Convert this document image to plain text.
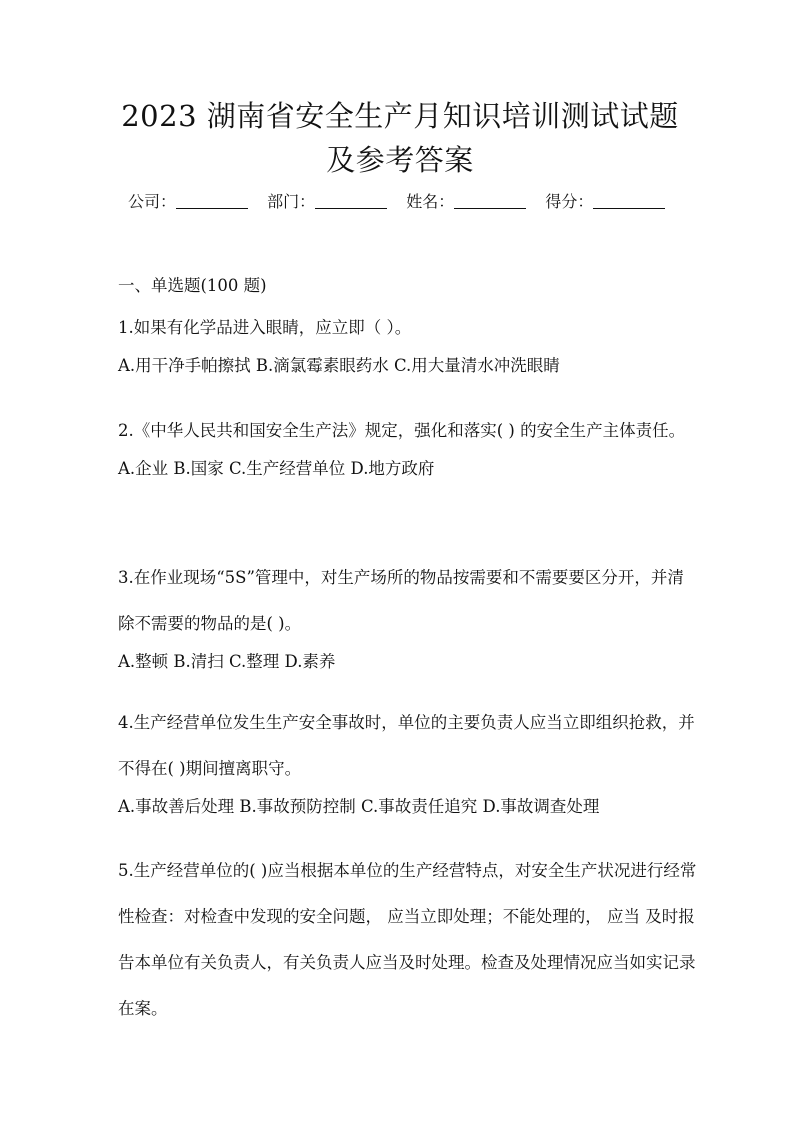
2023 湖南省安全生产月知识培训测试试题
及参考答案
公司：	部门：	姓名：	得分：
一、单选题(100 题)

1.如果有化学品进入眼睛，应立即（ ）。

A.用干净手帕擦拭 B.滴氯霉素眼药水 C.用大量清水冲洗眼睛

2.《中华人民共和国安全生产法》规定，强化和落实( ) 的安全生产主体责任。

A.企业 B.国家 C.生产经营单位 D.地方政府

3.在作业现场“5S”管理中，对生产场所的物品按需要和不需要要区分开，并清除不需要的物品的是( )。

A.整顿 B.清扫 C.整理 D.素养

4.生产经营单位发生生产安全事故时，单位的主要负责人应当立即组织抢救，并不得在( )期间擅离职守。

A.事故善后处理 B.事故预防控制 C.事故责任追究 D.事故调查处理

5.生产经营单位的( )应当根据本单位的生产经营特点，对安全生产状况进行经常性检查：对检查中发现的安全问题， 应当立即处理；不能处理的， 应当 及时报告本单位有关负责人，有关负责人应当及时处理。检查及处理情况应当如实记录在案。
